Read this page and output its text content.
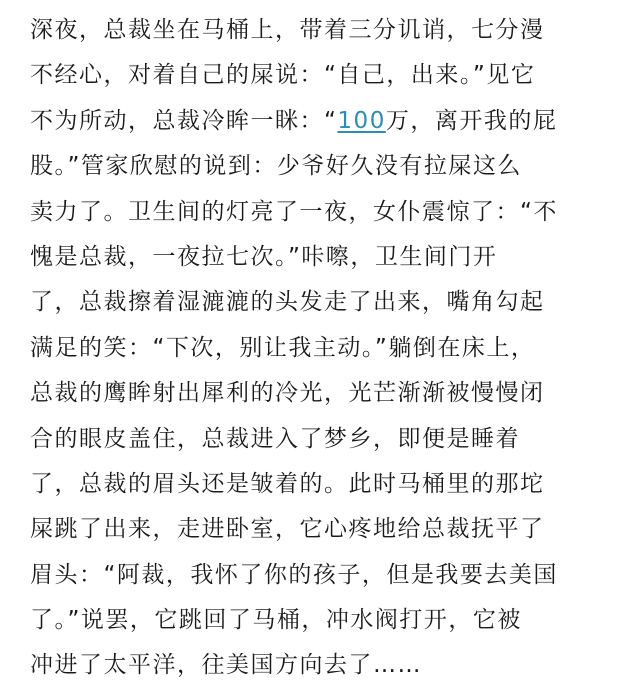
深夜，总裁坐在马桶上，带着三分讥诮，七分漫
不经心，对着自己的屎说：“自己，出来。”见它
不为所动，总裁冷眸一眯：“100万，离开我的屁
股。”管家欣慰的说到：少爷好久没有拉屎这么
卖力了。卫生间的灯亮了一夜，女仆震惊了：“不
愧是总裁，一夜拉七次。”咔嚓，卫生间门开
了，总裁擦着湿漉漉的头发走了出来，嘴角勾起
满足的笑：“下次，别让我主动。”躺倒在床上，
总裁的鹰眸射出犀利的冷光，光芒渐渐被慢慢闭
合的眼皮盖住，总裁进入了梦乡，即便是睡着
了，总裁的眉头还是皱着的。此时马桶里的那坨
屎跳了出来，走进卧室，它心疼地给总裁抚平了
眉头：“阿裁，我怀了你的孩子，但是我要去美国
了。”说罢，它跳回了马桶，冲水阀打开，它被
冲进了太平洋，往美国方向去了……
